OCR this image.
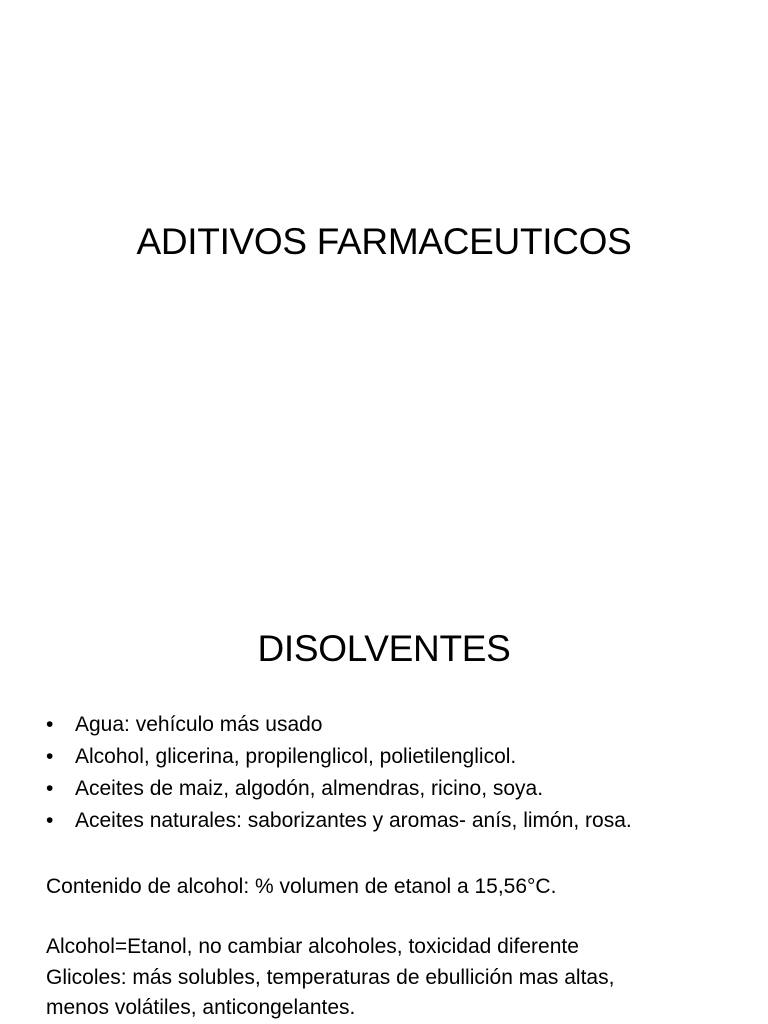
ADITIVOS FARMACEUTICOS
DISOLVENTES
• Agua: vehículo más usado
• Alcohol, glicerina, propilenglicol, polietilenglicol.
• Aceites de maiz, algodón, almendras, ricino, soya.
• Aceites naturales: saborizantes y aromas- anís, limón, rosa.

Contenido de alcohol: % volumen de etanol a 15,56°C.

Alcohol=Etanol, no cambiar alcoholes, toxicidad diferente

Glicoles: más solubles, temperaturas de ebullición mas altas,
menos volátiles, anticongelantes.
